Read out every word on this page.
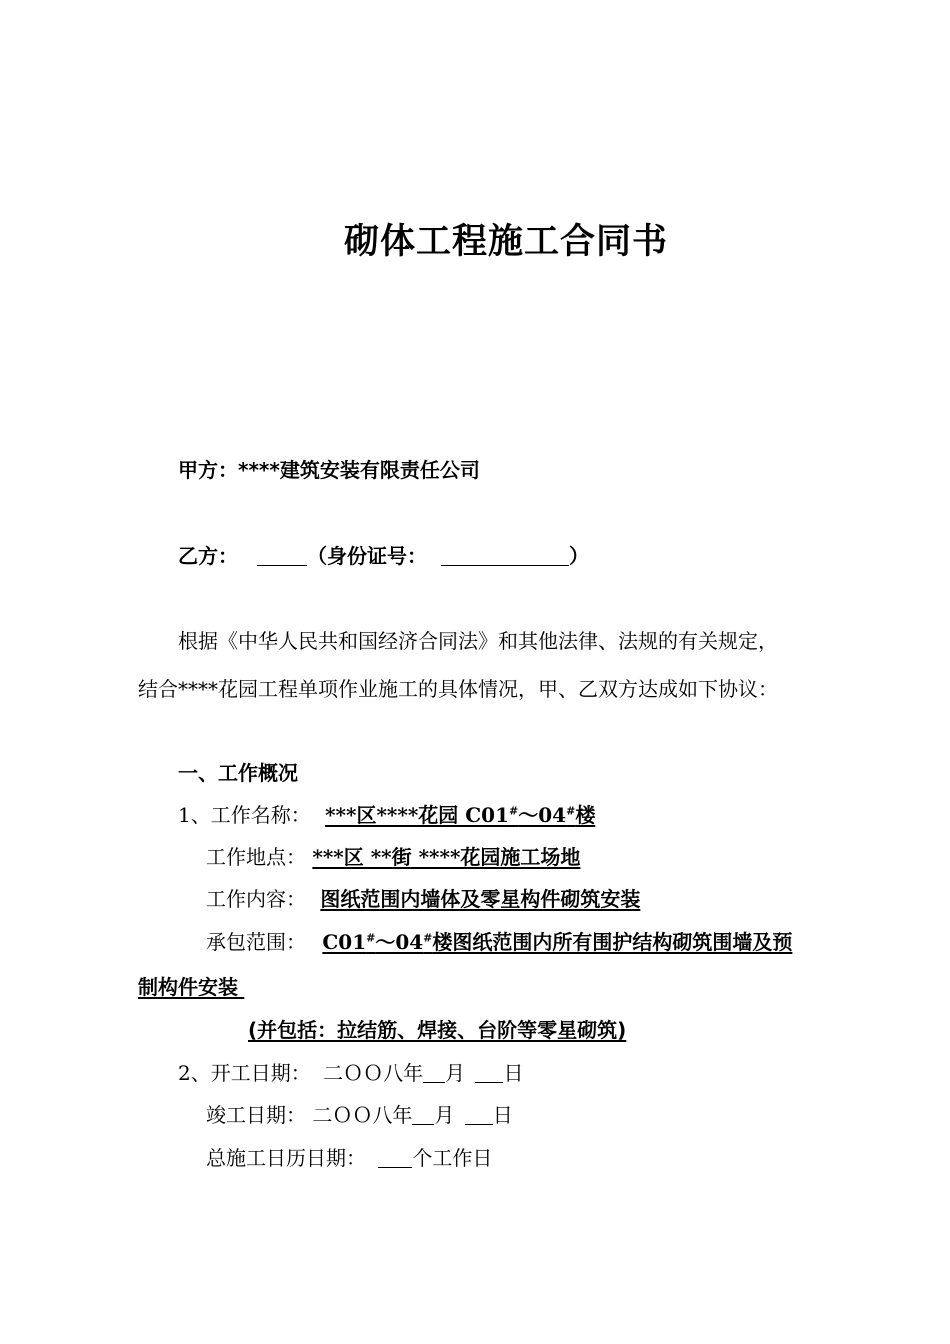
砌体工程施工合同书
甲方：****建筑安装有限责任公司
乙方：	（身份证号：	）
根据《中华人民共和国经济合同法》和其他法律、法规的有关规定，
结合****花园工程单项作业施工的具体情况，甲、乙双方达成如下协议：
一、工作概况
1、工作名称： ***区****花园 C01#～04#楼
工作地点： ***区 **街 ****花园施工场地
工作内容： 图纸范围内墙体及零星构件砌筑安装
承包范围： C01#～04#楼图纸范围内所有围护结构砌筑围墙及预
制构件安装
(并包括：拉结筋、焊接、台阶等零星砌筑)
2、开工日期： 二ＯＯ八年 月 日
竣工日期： 二ＯＯ八年 月 日
总施工日历日期： 个工作日
